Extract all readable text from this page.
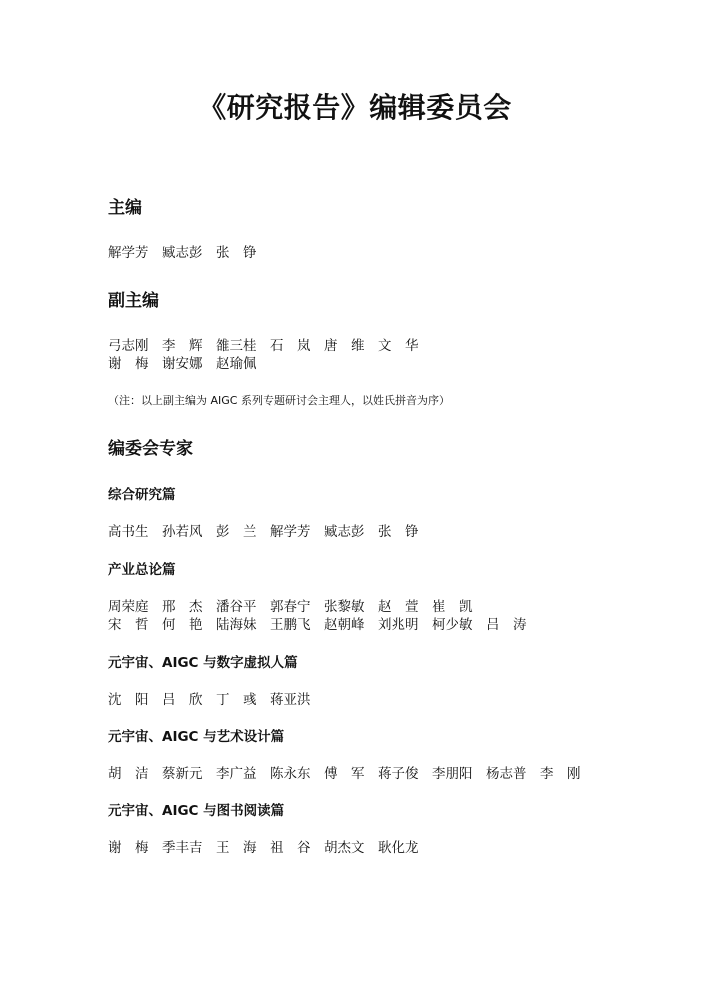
《研究报告》编辑委员会
主编
解学芳　臧志彭　张　铮
副主编
弓志刚　李　辉　雒三桂　石　岚　唐　维　文　华
谢　梅　谢安娜　赵瑜佩
（注：以上副主编为 AIGC 系列专题研讨会主理人，以姓氏拼音为序）
编委会专家
综合研究篇
高书生　孙若风　彭　兰　解学芳　臧志彭　张　铮
产业总论篇
周荣庭　邢　杰　潘谷平　郭春宁　张黎敏　赵　萱　崔　凯
宋　哲　何　艳　陆海妹　王鹏飞　赵朝峰　刘兆明　柯少敏　吕　涛
元宇宙、AIGC 与数字虚拟人篇
沈　阳　吕　欣　丁　彧　蒋亚洪
元宇宙、AIGC 与艺术设计篇
胡　洁　蔡新元　李广益　陈永东　傅　军　蒋子俊　李朋阳　杨志普　李　刚
元宇宙、AIGC 与图书阅读篇
谢　梅　季丰吉　王　海　祖　谷　胡杰文　耿化龙
